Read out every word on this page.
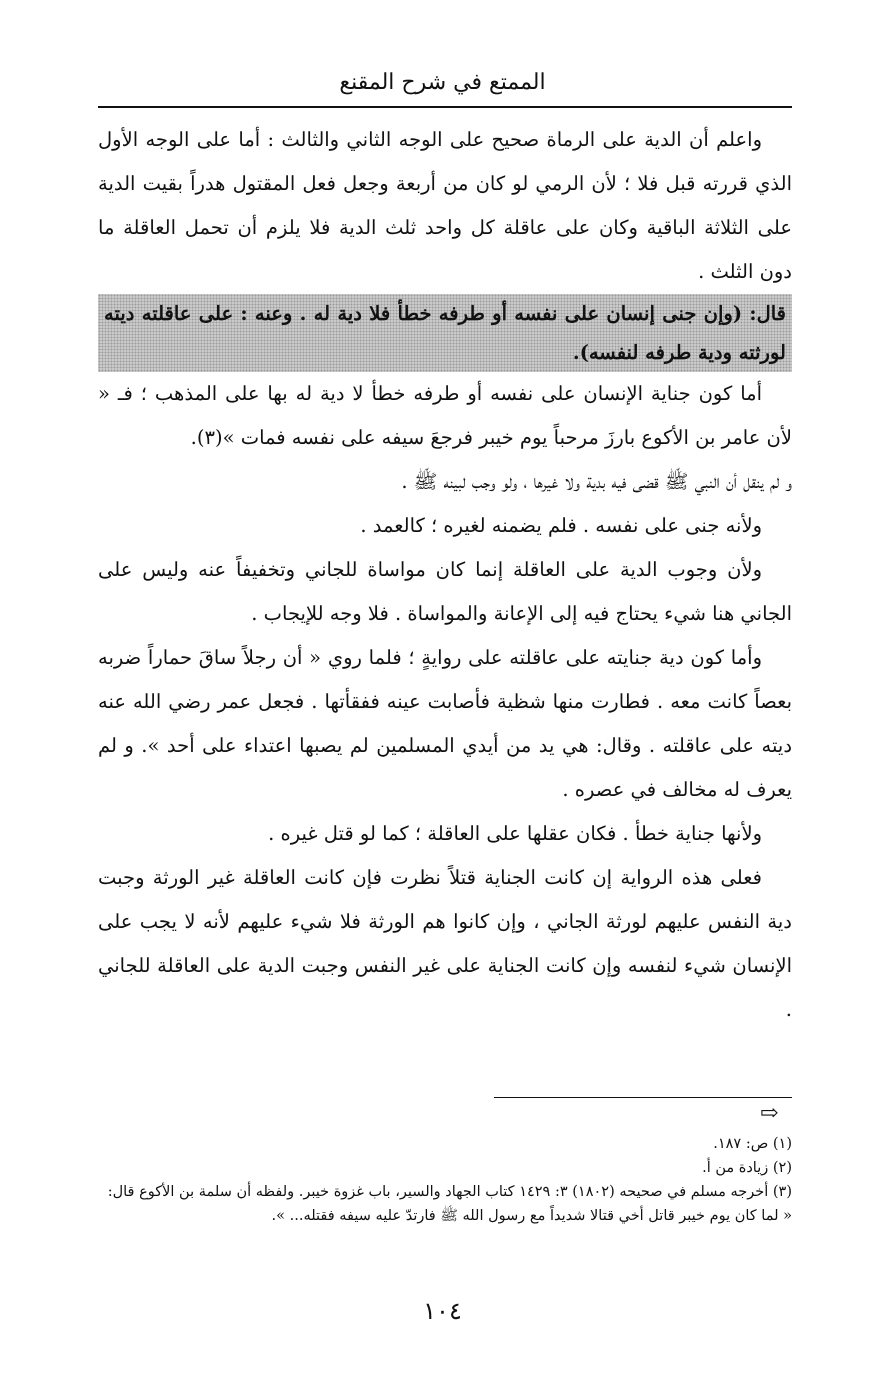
الممتع في شرح المقنع

واعلم أن الدية على الرماة صحيح على الوجه الثاني والثالث : أما على الوجه الأول الذي قررته قبل فلا ؛ لأن الرمي لو كان من أربعة وجعل فعل المقتول هدراً بقيت الدية على الثلاثة الباقية وكان على عاقلة كل واحد ثلث الدية فلا يلزم أن تحمل العاقلة ما دون الثلث .

قال: (وإن جنى إنسان على نفسه أو طرفه خطأ فلا دية له . وعنه : على عاقلته ديته لورثته ودية طرفه لنفسه).

أما كون جناية الإنسان على نفسه أو طرفه خطأ لا دية له بها على المذهب ؛ فـ « لأن عامر بن الأكوع بارزَ مرحباً يوم خيبر فرجعَ سيفه على نفسه فمات »(٣).

و لم ينقل أن النبي ﷺ قضى فيه بدية ولا غيرها ، ولو وجب لبينه ﷺ .

ولأنه جنى على نفسه . فلم يضمنه لغيره ؛ كالعمد .

ولأن وجوب الدية على العاقلة إنما كان مواساة للجاني وتخفيفاً عنه وليس على الجاني هنا شيء يحتاج فيه إلى الإعانة والمواساة . فلا وجه للإيجاب .

وأما كون دية جنايته على عاقلته على روايةٍ ؛ فلما روي « أن رجلاً ساقَ حماراً ضربه بعصاً كانت معه . فطارت منها شظية فأصابت عينه ففقأتها . فجعل عمر رضي الله عنه ديته على عاقلته . وقال: هي يد من أيدي المسلمين لم يصبها اعتداء على أحد ». و لم يعرف له مخالف في عصره .

ولأنها جناية خطأ . فكان عقلها على العاقلة ؛ كما لو قتل غيره .

فعلى هذه الرواية إن كانت الجناية قتلاً نظرت فإن كانت العاقلة غير الورثة وجبت دية النفس عليهم لورثة الجاني ، وإن كانوا هم الورثة فلا شيء عليهم لأنه لا يجب على الإنسان شيء لنفسه وإن كانت الجناية على غير النفس وجبت الدية على العاقلة للجاني .

⇨

(١) ص: ١٨٧.

(٢) زيادة من أ.

(٣) أخرجه مسلم في صحيحه (١٨٠٢) ٣: ١٤٢٩ كتاب الجهاد والسير، باب غزوة خيبر. ولفظه أن سلمة بن الأكوع قال: « لما كان يوم خيبر قاتل أخي قتالا شديداً مع رسول الله ﷺ فارتدّ عليه سيفه فقتله... ».

١٠٤
